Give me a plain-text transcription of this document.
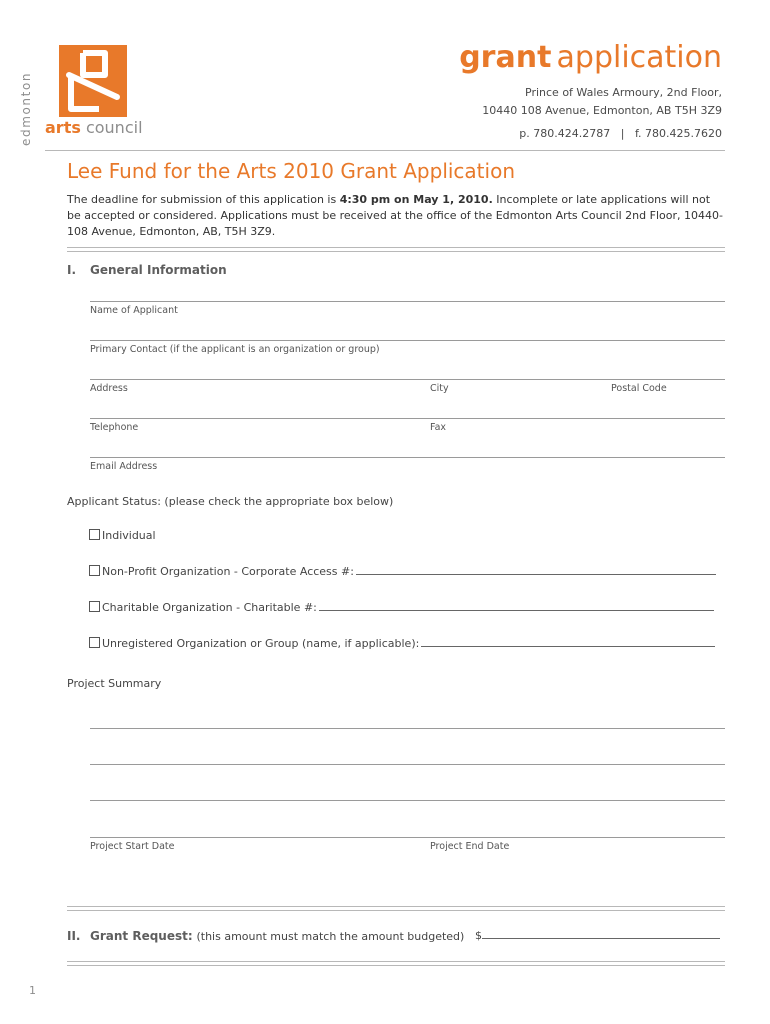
edmonton arts council
grant application
Prince of Wales Armoury, 2nd Floor,
10440 108 Avenue, Edmonton, AB T5H 3Z9
p. 780.424.2787 | f. 780.425.7620
Lee Fund for the Arts 2010 Grant Application
The deadline for submission of this application is 4:30 pm on May 1, 2010. Incomplete or late applications will not be accepted or considered. Applications must be received at the office of the Edmonton Arts Council 2nd Floor, 10440-108 Avenue, Edmonton, AB, T5H 3Z9.
I. General Information
Name of Applicant
Primary Contact (if the applicant is an organization or group)
Address	City	Postal Code
Telephone	Fax
Email Address
Applicant Status: (please check the appropriate box below)
Individual
Non-Profit Organization - Corporate Access #:
Charitable Organization - Charitable #:
Unregistered Organization or Group (name, if applicable):
Project Summary
Project Start Date	Project End Date
II. Grant Request: (this amount must match the amount budgeted) $
1
